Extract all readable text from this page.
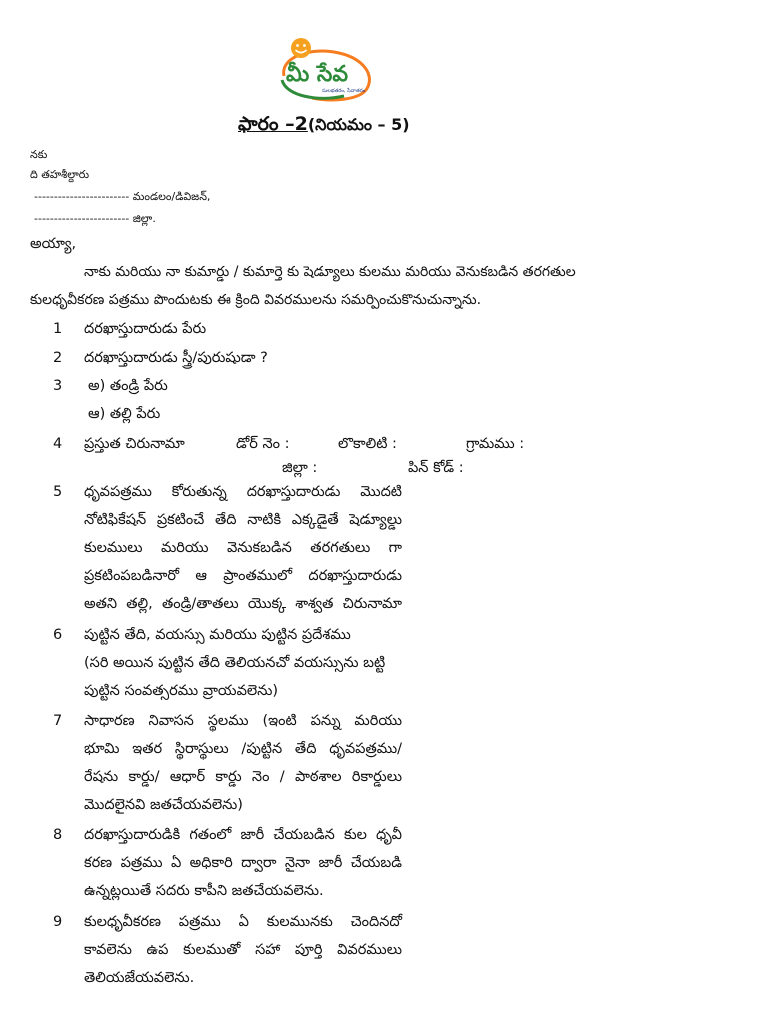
మీ సేవ
సులభతరం, సేవాతరం
ఫారం –2(నియమం – 5)
నకు
ది తహశీల్దారు
------------------------ మండలం/డివిజన్,
------------------------ జిల్లా.
అయ్యా,
నాకు మరియు నా కుమార్డు / కుమార్తె కు షెడ్యూలు కులము మరియు వెనుకబడిన తరగతుల
కులధృవీకరణ పత్రము పొందుటకు ఈ క్రింది వివరములను సమర్పించుకొనుచున్నాను.
1 దరఖాస్తుదారుడు పేరు
2 దరఖాస్తుదారుడు స్త్రీ/పురుషుడా ?
3 అ) తండ్రి పేరు
ఆ) తల్లి పేరు
4 ప్రస్తుత చిరునామా	డోర్ నెం :	లొకాలిటి :	గ్రామము :
జిల్లా :	పిన్ కోడ్ :
5 ధృవపత్రము కోరుతున్న దరఖాస్తుదారుడు మొదటి
నోటిఫికేషన్ ప్రకటించే తేది నాటికి ఎక్కడైతే షెడ్యూల్డు
కులములు మరియు వెనుకబడిన తరగతులు గా
ప్రకటింపబడినారో ఆ ప్రాంతములో దరఖాస్తుదారుడు
అతని తల్లి, తండ్రి/తాతలు యొక్క శాశ్వత చిరునామా
6 పుట్టిన తేది, వయస్సు మరియు పుట్టిన ప్రదేశము
(సరి అయిన పుట్టిన తేది తెలియనచో వయస్సును బట్టి
పుట్టిన సంవత్సరము వ్రాయవలెను)
7 సాధారణ నివాసన స్థలము (ఇంటి పన్ను మరియు
భూమి ఇతర స్థిరాస్థులు /పుట్టిన తేది ధృవపత్రము/
రేషను కార్డు/ ఆధార్ కార్డు నెం / పాఠశాల రికార్డులు
మొదలైనవి జతచేయవలెను)
8 దరఖాస్తుదారుడికి గతంలో జారీ చేయబడిన కుల ధృవీ
కరణ పత్రము ఏ అధికారి ద్వారా నైనా జారీ చేయబడి
ఉన్నట్లయితే సదరు కాపీని జతచేయవలెను.
9 కులధృవీకరణ పత్రము ఏ కులమునకు చెందినదో
కావలెను ఉప కులముతో సహా పూర్తి వివరములు
తెలియజేయవలెను.
